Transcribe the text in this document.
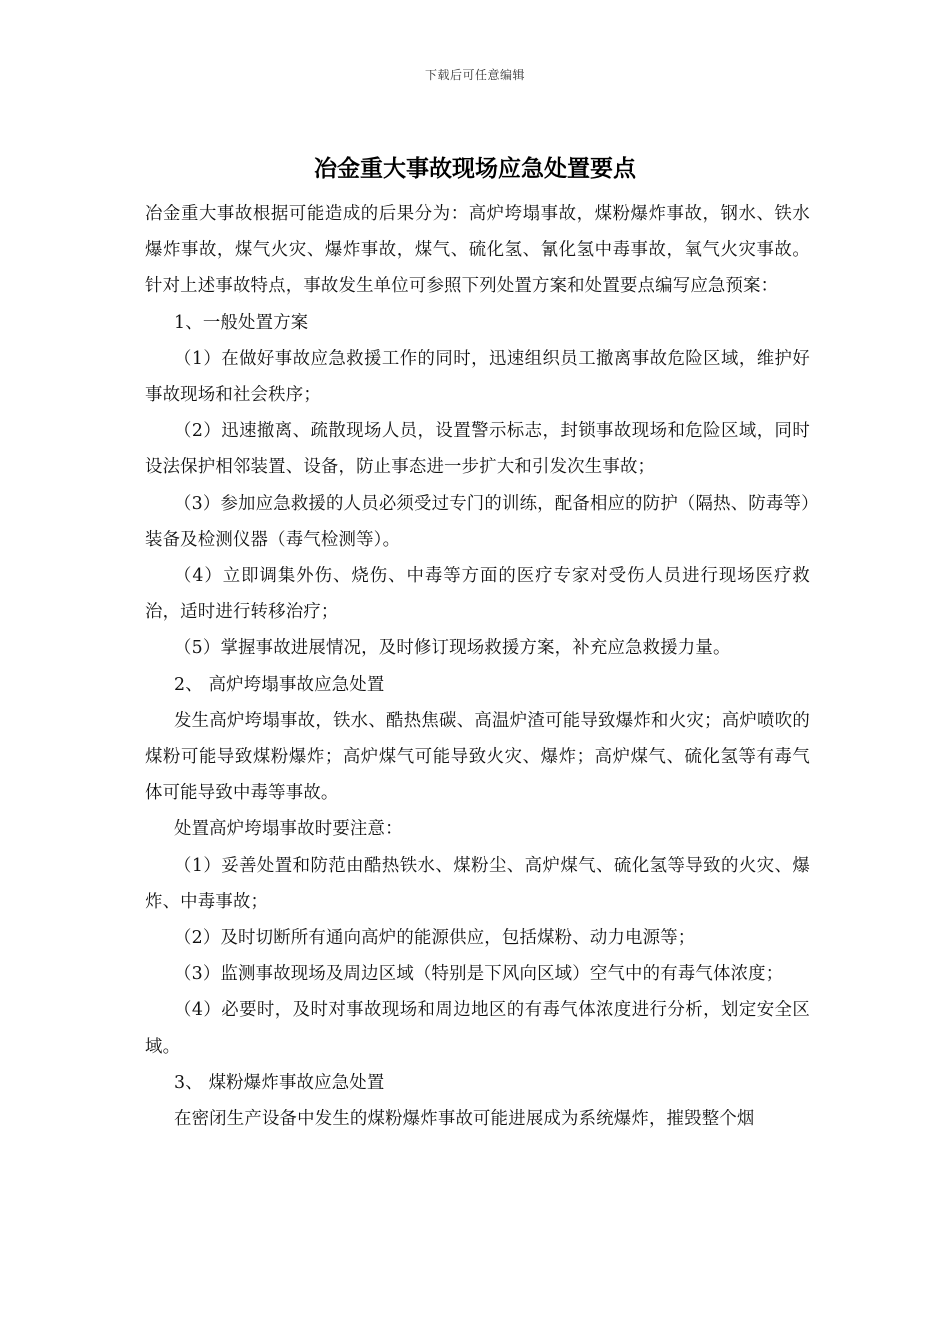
下载后可任意编辑
冶金重大事故现场应急处置要点

冶金重大事故根据可能造成的后果分为：高炉垮塌事故，煤粉爆炸事故，钢水、铁水爆炸事故，煤气火灾、爆炸事故，煤气、硫化氢、氰化氢中毒事故，氧气火灾事故。针对上述事故特点，事故发生单位可参照下列处置方案和处置要点编写应急预案：

1、一般处置方案

（1）在做好事故应急救援工作的同时，迅速组织员工撤离事故危险区域，维护好事故现场和社会秩序；

（2）迅速撤离、疏散现场人员，设置警示标志，封锁事故现场和危险区域，同时设法保护相邻装置、设备，防止事态进一步扩大和引发次生事故；

（3）参加应急救援的人员必须受过专门的训练，配备相应的防护（隔热、防毒等）装备及检测仪器（毒气检测等）。

（4）立即调集外伤、烧伤、中毒等方面的医疗专家对受伤人员进行现场医疗救治，适时进行转移治疗；

（5）掌握事故进展情况，及时修订现场救援方案，补充应急救援力量。

2、 高炉垮塌事故应急处置

发生高炉垮塌事故，铁水、酷热焦碳、高温炉渣可能导致爆炸和火灾；高炉喷吹的煤粉可能导致煤粉爆炸；高炉煤气可能导致火灾、爆炸；高炉煤气、硫化氢等有毒气体可能导致中毒等事故。

处置高炉垮塌事故时要注意：

（1）妥善处置和防范由酷热铁水、煤粉尘、高炉煤气、硫化氢等导致的火灾、爆炸、中毒事故；

（2）及时切断所有通向高炉的能源供应，包括煤粉、动力电源等；

（3）监测事故现场及周边区域（特别是下风向区域）空气中的有毒气体浓度；

（4）必要时，及时对事故现场和周边地区的有毒气体浓度进行分析，划定安全区域。

3、 煤粉爆炸事故应急处置

在密闭生产设备中发生的煤粉爆炸事故可能进展成为系统爆炸，摧毁整个烟
